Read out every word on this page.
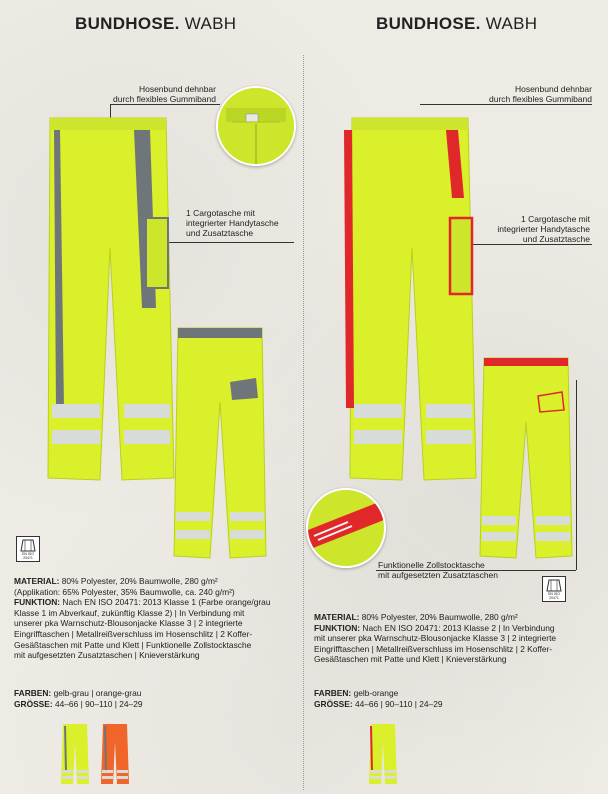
BUNDHOSE. WABH
Hosenbund dehnbar
durch flexibles Gummiband
1 Cargotasche mit
integrierter Handytasche
und Zusatztasche
EN ISO 20471
MATERIAL: 80% Polyester, 20% Baumwolle, 280 g/m²
(Applikation: 65% Polyester, 35% Baumwolle, ca. 240 g/m²)
FUNKTION: Nach EN ISO 20471: 2013 Klasse 1 (Farbe orange/grau
Klasse 1 im Abverkauf, zukünftig Klasse 2) | In Verbindung mit
unserer pka Warnschutz-Blousonjacke Klasse 3 | 2 integrierte
Eingrifftaschen | Metallreißverschluss im Hosenschlitz | 2 Koffer-
Gesäßtaschen mit Patte und Klett | Funktionelle Zollstocktasche
mit aufgesetzten Zusatztaschen | Knieverstärkung
FARBEN: gelb-grau | orange-grau
GRÖSSE: 44–66 | 90–110 | 24–29
BUNDHOSE. WABH
Hosenbund dehnbar
durch flexibles Gummiband
1 Cargotasche mit
integrierter Handytasche
und Zusatztasche
Funktionelle Zollstocktasche
mit aufgesetzten Zusatztaschen
EN ISO 20471
MATERIAL: 80% Polyester, 20% Baumwolle, 280 g/m²
FUNKTION: Nach EN ISO 20471: 2013 Klasse 2 | In Verbindung
mit unserer pka Warnschutz-Blousonjacke Klasse 3 | 2 integrierte
Eingrifftaschen | Metallreißverschluss im Hosenschlitz | 2 Koffer-
Gesäßtaschen mit Patte und Klett | Knieverstärkung
FARBEN: gelb-orange
GRÖSSE: 44–66 | 90–110 | 24–29
